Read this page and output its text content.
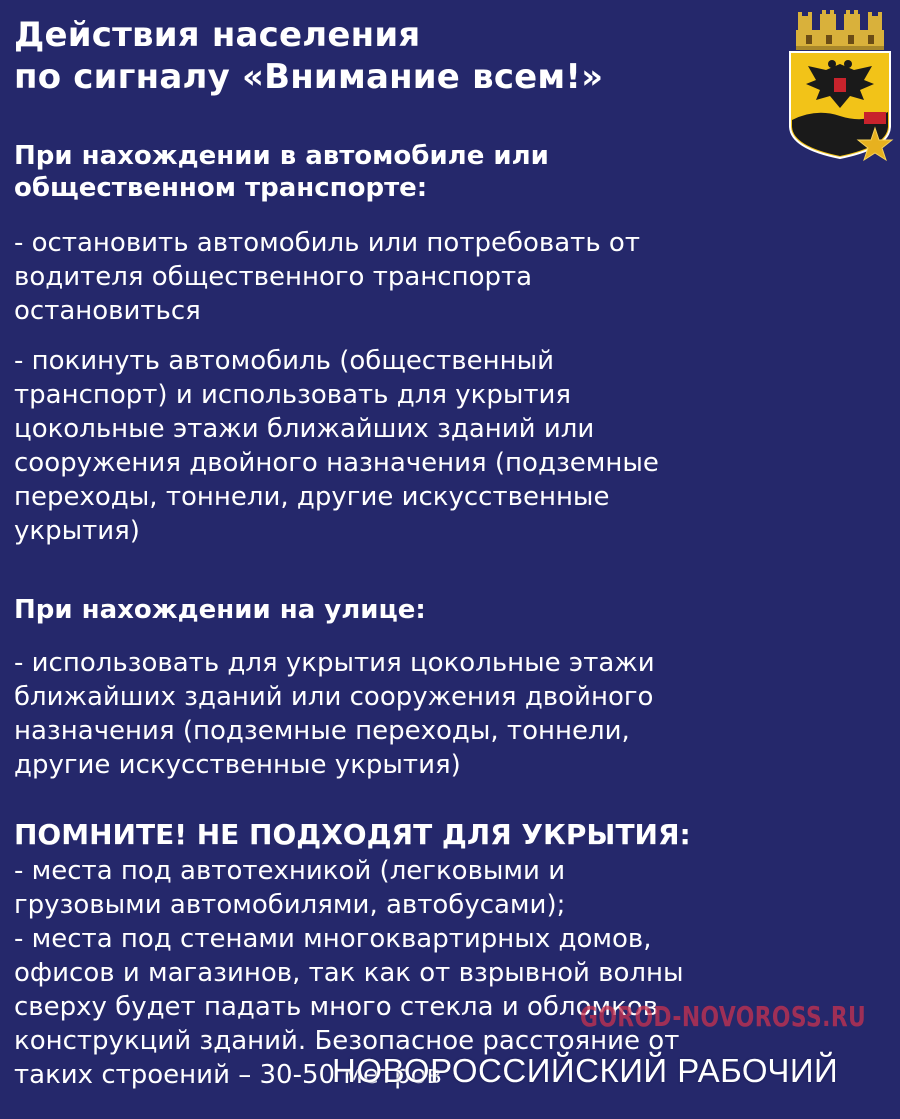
Действия населения
по сигналу «Внимание всем!»
При нахождении в автомобиле или
общественном транспорте:

- остановить автомобиль или потребовать от
водителя общественного транспорта
остановиться

- покинуть автомобиль (общественный
транспорт) и использовать для укрытия
цокольные этажи ближайших зданий или
сооружения двойного назначения (подземные
переходы, тоннели, другие искусственные
укрытия)

При нахождении на улице:

- использовать для укрытия цокольные этажи
ближайших зданий или сооружения двойного
назначения (подземные переходы, тоннели,
другие искусственные укрытия)

ПОМНИТЕ! НЕ ПОДХОДЯТ ДЛЯ УКРЫТИЯ:

- места под автотехникой (легковыми и
грузовыми автомобилями, автобусами);
- места под стенами многоквартирных домов,
офисов и магазинов, так как от взрывной волны
сверху будет падать много стекла и обломков
конструкций зданий. Безопасное расстояние от
таких строений – 30-50 метров

GOROD-NOVOROSS.RU
НОВОРОССИЙСКИЙ РАБОЧИЙ
